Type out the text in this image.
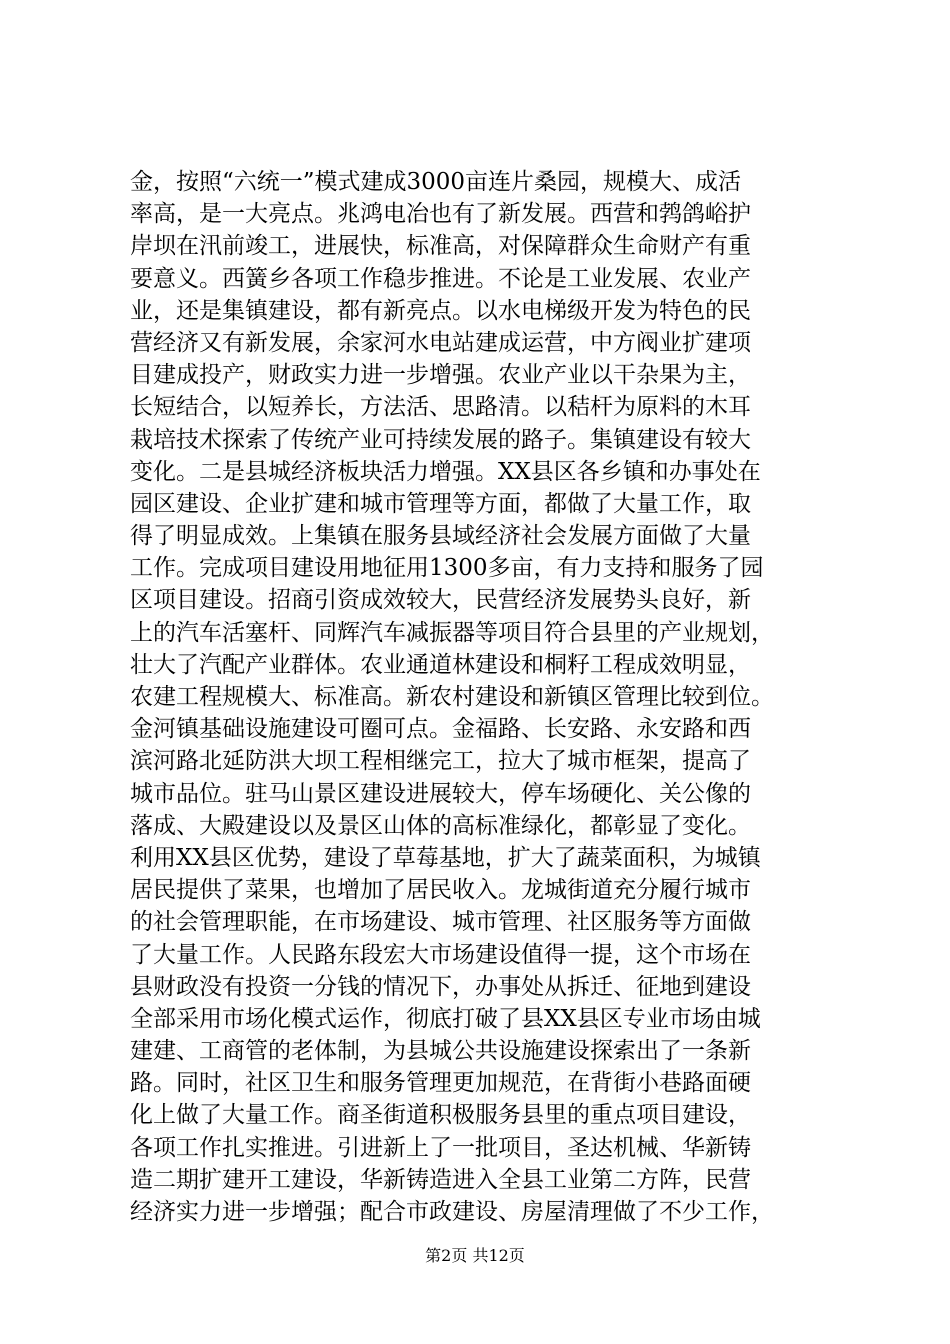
金，按照“六统一”模式建成3000亩连片桑园，规模大、成活
率高，是一大亮点。兆鸿电冶也有了新发展。西营和鹁鸽峪护
岸坝在汛前竣工，进展快，标准高，对保障群众生命财产有重
要意义。西簧乡各项工作稳步推进。不论是工业发展、农业产
业，还是集镇建设，都有新亮点。以水电梯级开发为特色的民
营经济又有新发展，余家河水电站建成运营，中方阀业扩建项
目建成投产，财政实力进一步增强。农业产业以干杂果为主，
长短结合，以短养长，方法活、思路清。以秸杆为原料的木耳
栽培技术探索了传统产业可持续发展的路子。集镇建设有较大
变化。二是县城经济板块活力增强。XX县区各乡镇和办事处在
园区建设、企业扩建和城市管理等方面，都做了大量工作，取
得了明显成效。上集镇在服务县域经济社会发展方面做了大量
工作。完成项目建设用地征用1300多亩，有力支持和服务了园
区项目建设。招商引资成效较大，民营经济发展势头良好，新
上的汽车活塞杆、同辉汽车减振器等项目符合县里的产业规划，
壮大了汽配产业群体。农业通道林建设和桐籽工程成效明显，
农建工程规模大、标准高。新农村建设和新镇区管理比较到位。
金河镇基础设施建设可圈可点。金福路、长安路、永安路和西
滨河路北延防洪大坝工程相继完工，拉大了城市框架，提高了
城市品位。驻马山景区建设进展较大，停车场硬化、关公像的
落成、大殿建设以及景区山体的高标准绿化，都彰显了变化。
利用XX县区优势，建设了草莓基地，扩大了蔬菜面积，为城镇
居民提供了菜果，也增加了居民收入。龙城街道充分履行城市
的社会管理职能，在市场建设、城市管理、社区服务等方面做
了大量工作。人民路东段宏大市场建设值得一提，这个市场在
县财政没有投资一分钱的情况下，办事处从拆迁、征地到建设
全部采用市场化模式运作，彻底打破了县XX县区专业市场由城
建建、工商管的老体制，为县城公共设施建设探索出了一条新
路。同时，社区卫生和服务管理更加规范，在背街小巷路面硬
化上做了大量工作。商圣街道积极服务县里的重点项目建设，
各项工作扎实推进。引进新上了一批项目，圣达机械、华新铸
造二期扩建开工建设，华新铸造进入全县工业第二方阵，民营
经济实力进一步增强；配合市政建设、房屋清理做了不少工作，
第2页 共12页
